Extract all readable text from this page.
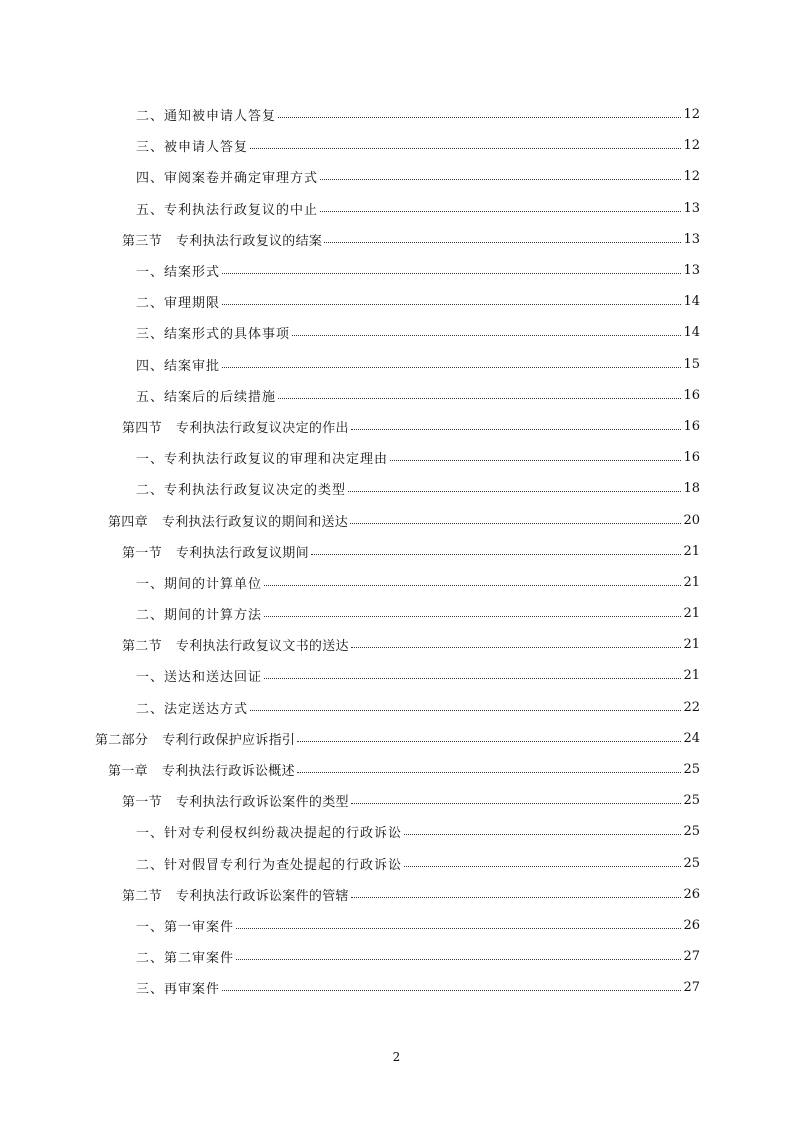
二、通知被申请人答复	12
三、被申请人答复	12
四、审阅案卷并确定审理方式	12
五、专利执法行政复议的中止	13
第三节 专利执法行政复议的结案	13
一、结案形式	13
二、审理期限	14
三、结案形式的具体事项	14
四、结案审批	15
五、结案后的后续措施	16
第四节 专利执法行政复议决定的作出	16
一、专利执法行政复议的审理和决定理由	16
二、专利执法行政复议决定的类型	18
第四章 专利执法行政复议的期间和送达	20
第一节 专利执法行政复议期间	21
一、期间的计算单位	21
二、期间的计算方法	21
第二节 专利执法行政复议文书的送达	21
一、送达和送达回证	21
二、法定送达方式	22
第二部分 专利行政保护应诉指引	24
第一章 专利执法行政诉讼概述	25
第一节 专利执法行政诉讼案件的类型	25
一、针对专利侵权纠纷裁决提起的行政诉讼	25
二、针对假冒专利行为查处提起的行政诉讼	25
第二节 专利执法行政诉讼案件的管辖	26
一、第一审案件	26
二、第二审案件	27
三、再审案件	27
2
